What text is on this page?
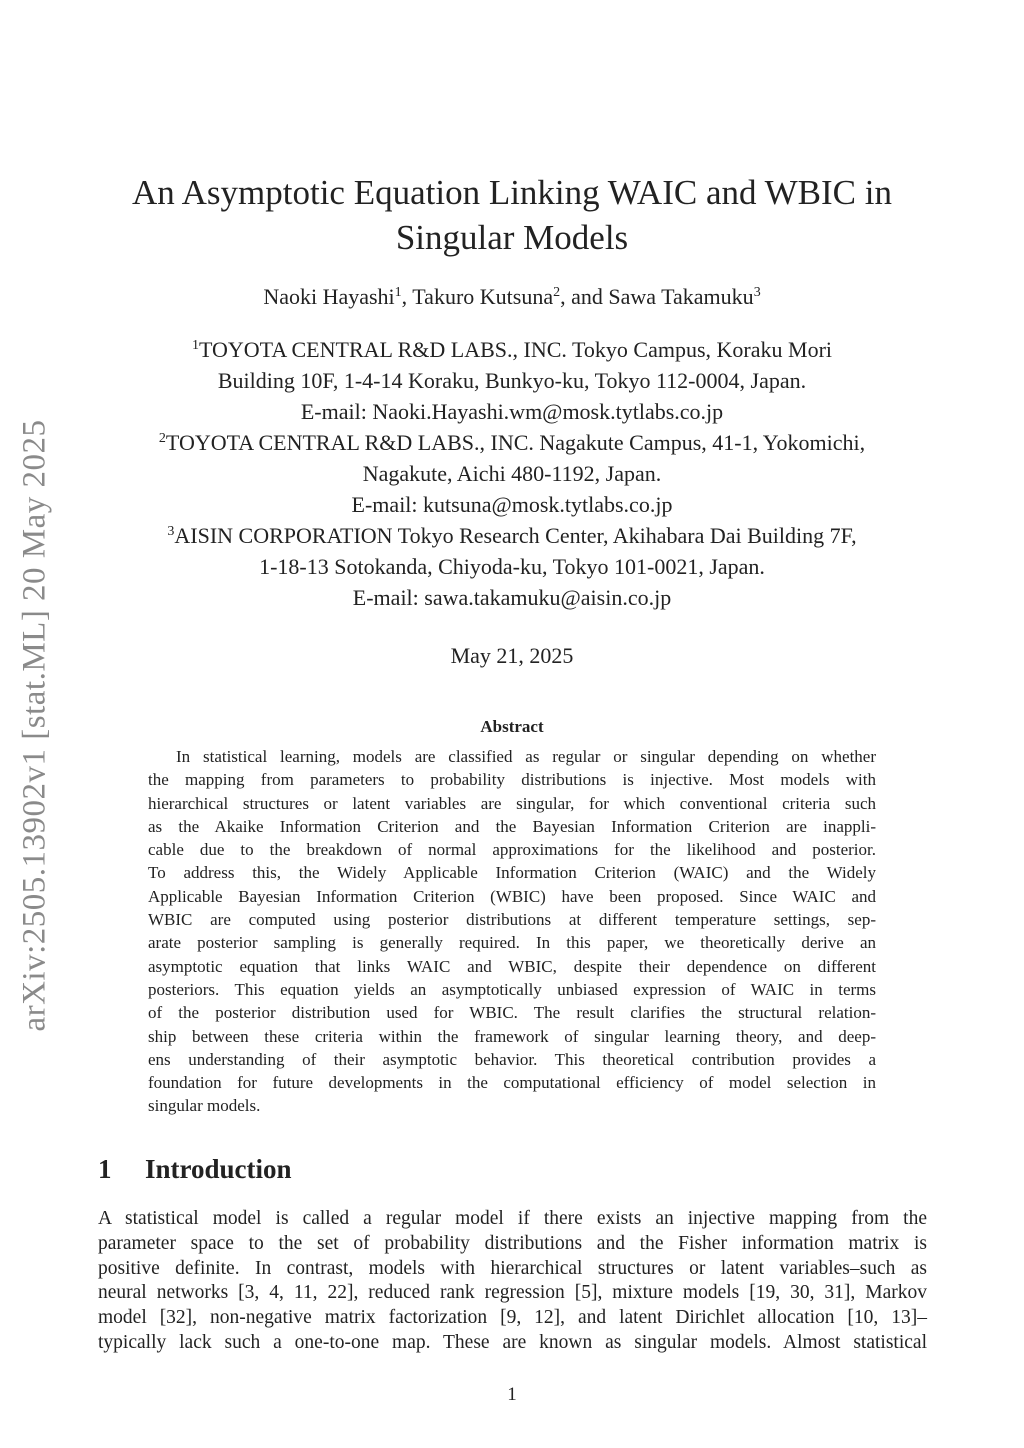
arXiv:2505.13902v1 [stat.ML] 20 May 2025
An Asymptotic Equation Linking WAIC and WBIC in
Singular Models
Naoki Hayashi$^1$, Takuro Kutsuna$^2$, and Sawa Takamuku$^3$
$^1$TOYOTA CENTRAL R&D LABS., INC. Tokyo Campus, Koraku Mori
Building 10F, 1-4-14 Koraku, Bunkyo-ku, Tokyo 112-0004, Japan.
E-mail: Naoki.Hayashi.wm@mosk.tytlabs.co.jp
$^2$TOYOTA CENTRAL R&D LABS., INC. Nagakute Campus, 41-1, Yokomichi,
Nagakute, Aichi 480-1192, Japan.
E-mail: kutsuna@mosk.tytlabs.co.jp
$^3$AISIN CORPORATION Tokyo Research Center, Akihabara Dai Building 7F,
1-18-13 Sotokanda, Chiyoda-ku, Tokyo 101-0021, Japan.
E-mail: sawa.takamuku@aisin.co.jp
May 21, 2025
Abstract
In statistical learning, models are classified as regular or singular depending on whether
the mapping from parameters to probability distributions is injective. Most models with
hierarchical structures or latent variables are singular, for which conventional criteria such
as the Akaike Information Criterion and the Bayesian Information Criterion are inappli-
cable due to the breakdown of normal approximations for the likelihood and posterior.
To address this, the Widely Applicable Information Criterion (WAIC) and the Widely
Applicable Bayesian Information Criterion (WBIC) have been proposed. Since WAIC and
WBIC are computed using posterior distributions at different temperature settings, sep-
arate posterior sampling is generally required. In this paper, we theoretically derive an
asymptotic equation that links WAIC and WBIC, despite their dependence on different
posteriors. This equation yields an asymptotically unbiased expression of WAIC in terms
of the posterior distribution used for WBIC. The result clarifies the structural relation-
ship between these criteria within the framework of singular learning theory, and deep-
ens understanding of their asymptotic behavior. This theoretical contribution provides a
foundation for future developments in the computational efficiency of model selection in
singular models.
1 Introduction
A statistical model is called a regular model if there exists an injective mapping from the
parameter space to the set of probability distributions and the Fisher information matrix is
positive definite. In contrast, models with hierarchical structures or latent variables–such as
neural networks [3, 4, 11, 22], reduced rank regression [5], mixture models [19, 30, 31], Markov
model [32], non-negative matrix factorization [9, 12], and latent Dirichlet allocation [10, 13]–
typically lack such a one-to-one map. These are known as singular models. Almost statistical
1
